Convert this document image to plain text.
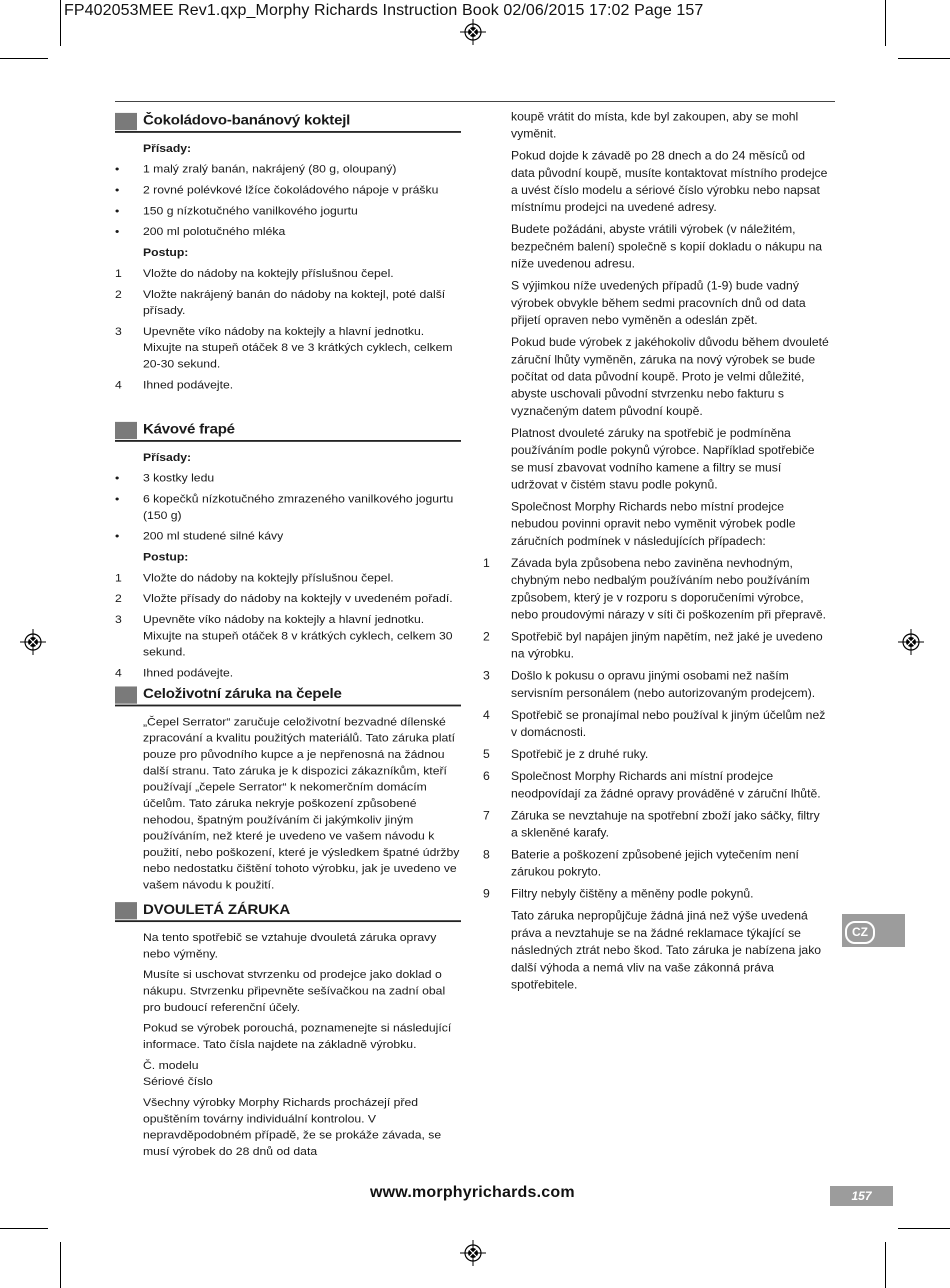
FP402053MEE Rev1.qxp_Morphy Richards Instruction Book 02/06/2015 17:02 Page 157
Čokoládovo-banánový koktejl
Přísady:
•	1 malý zralý banán, nakrájený (80 g, oloupaný)
•	2 rovné polévkové lžíce čokoládového nápoje v prášku
•	150 g nízkotučného vanilkového jogurtu
•	200 ml polotučného mléka
Postup:
1	Vložte do nádoby na koktejly příslušnou čepel.
2	Vložte nakrájený banán do nádoby na koktejl, poté další přísady.
3	Upevněte víko nádoby na koktejly a hlavní jednotku. Mixujte na stupeň otáček 8 ve 3 krátkých cyklech, celkem 20-30 sekund.
4	Ihned podávejte.
Kávové frapé
Přísady:
•	3 kostky ledu
•	6 kopečků nízkotučného zmrazeného vanilkového jogurtu (150 g)
•	200 ml studené silné kávy
Postup:
1	Vložte do nádoby na koktejly příslušnou čepel.
2	Vložte přísady do nádoby na koktejly v uvedeném pořadí.
3	Upevněte víko nádoby na koktejly a hlavní jednotku. Mixujte na stupeň otáček 8 v krátkých cyklech, celkem 30 sekund.
4	Ihned podávejte.
Celoživotní záruka na čepele
„Čepel Serrator“ zaručuje celoživotní bezvadné dílenské zpracování a kvalitu použitých materiálů. Tato záruka platí pouze pro původního kupce a je nepřenosná na žádnou další stranu. Tato záruka je k dispozici zákazníkům, kteří používají „čepele Serrator“ k nekomerčním domácím účelům. Tato záruka nekryje poškození způsobené nehodou, špatným používáním či jakýmkoliv jiným používáním, než které je uvedeno ve vašem návodu k použití, nebo poškození, které je výsledkem špatné údržby nebo nedostatku čištění tohoto výrobku, jak je uvedeno ve vašem návodu k použití.
DVOULETÁ ZÁRUKA
Na tento spotřebič se vztahuje dvouletá záruka opravy nebo výměny.
Musíte si uschovat stvrzenku od prodejce jako doklad o nákupu. Stvrzenku připevněte sešívačkou na zadní obal pro budoucí referenční účely.
Pokud se výrobek porouchá, poznamenejte si následující informace. Tato čísla najdete na základně výrobku.
Č. modelu
Sériové číslo
Všechny výrobky Morphy Richards procházejí před opuštěním továrny individuální kontrolou. V nepravděpodobném případě, že se prokáže závada, se musí výrobek do 28 dnů od data
koupě vrátit do místa, kde byl zakoupen, aby se mohl vyměnit.
Pokud dojde k závadě po 28 dnech a do 24 měsíců od data původní koupě, musíte kontaktovat místního prodejce a uvést číslo modelu a sériové číslo výrobku nebo napsat místnímu prodejci na uvedené adresy.
Budete požádáni, abyste vrátili výrobek (v náležitém, bezpečném balení) společně s kopií dokladu o nákupu na níže uvedenou adresu.
S výjimkou níže uvedených případů (1-9) bude vadný výrobek obvykle během sedmi pracovních dnů od data přijetí opraven nebo vyměněn a odeslán zpět.
Pokud bude výrobek z jakéhokoliv důvodu během dvouleté záruční lhůty vyměněn, záruka na nový výrobek se bude počítat od data původní koupě. Proto je velmi důležité, abyste uschovali původní stvrzenku nebo fakturu s vyznačeným datem původní koupě.
Platnost dvouleté záruky na spotřebič je podmíněna používáním podle pokynů výrobce. Například spotřebiče se musí zbavovat vodního kamene a filtry se musí udržovat v čistém stavu podle pokynů.
Společnost Morphy Richards nebo místní prodejce nebudou povinni opravit nebo vyměnit výrobek podle záručních podmínek v následujících případech:
1	Závada byla způsobena nebo zaviněna nevhodným, chybným nebo nedbalým používáním nebo používáním způsobem, který je v rozporu s doporučeními výrobce, nebo proudovými nárazy v síti či poškozením při přepravě.
2	Spotřebič byl napájen jiným napětím, než jaké je uvedeno na výrobku.
3	Došlo k pokusu o opravu jinými osobami než naším servisním personálem (nebo autorizovaným prodejcem).
4	Spotřebič se pronajímal nebo používal k jiným účelům než v domácnosti.
5	Spotřebič je z druhé ruky.
6	Společnost Morphy Richards ani místní prodejce neodpovídají za žádné opravy prováděné v záruční lhůtě.
7	Záruka se nevztahuje na spotřební zboží jako sáčky, filtry a skleněné karafy.
8	Baterie a poškození způsobené jejich vytečením není zárukou pokryto.
9	Filtry nebyly čištěny a měněny podle pokynů.
Tato záruka nepropůjčuje žádná jiná než výše uvedená práva a nevztahuje se na žádné reklamace týkající se následných ztrát nebo škod. Tato záruka je nabízena jako další výhoda a nemá vliv na vaše zákonná práva spotřebitele.
CZ
www.morphyrichards.com	157
